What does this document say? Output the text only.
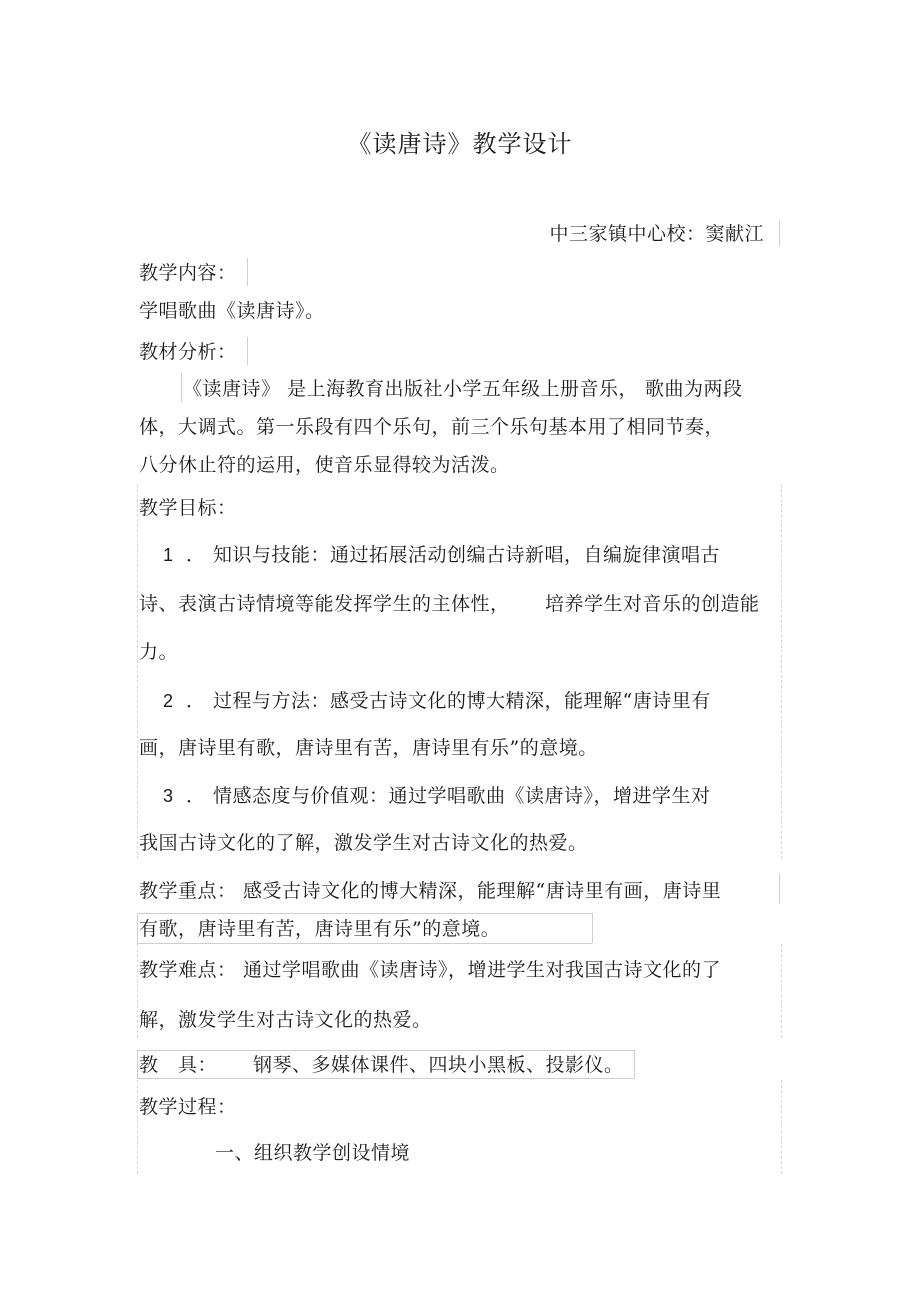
《读唐诗》教学设计
中三家镇中心校：窦献江
教学内容：
学唱歌曲《读唐诗》。
教材分析：
《读唐诗》 是上海教育出版社小学五年级上册音乐， 歌曲为两段
体，大调式。第一乐段有四个乐句，前三个乐句基本用了相同节奏，
八分休止符的运用，使音乐显得较为活泼。
教学目标：
1 ． 知识与技能：通过拓展活动创编古诗新唱，自编旋律演唱古
诗、表演古诗情境等能发挥学生的主体性， 培养学生对音乐的创造能
力。
2 ． 过程与方法：感受古诗文化的博大精深，能理解“唐诗里有
画，唐诗里有歌，唐诗里有苦，唐诗里有乐”的意境。
3 ． 情感态度与价值观：通过学唱歌曲《读唐诗》，增进学生对
我国古诗文化的了解，激发学生对古诗文化的热爱。
教学重点： 感受古诗文化的博大精深，能理解“唐诗里有画，唐诗里
有歌，唐诗里有苦，唐诗里有乐”的意境。
教学难点： 通过学唱歌曲《读唐诗》，增进学生对我国古诗文化的了
解，激发学生对古诗文化的热爱。
教　具： 钢琴、多媒体课件、四块小黑板、投影仪。
教学过程：
一、组织教学创设情境
